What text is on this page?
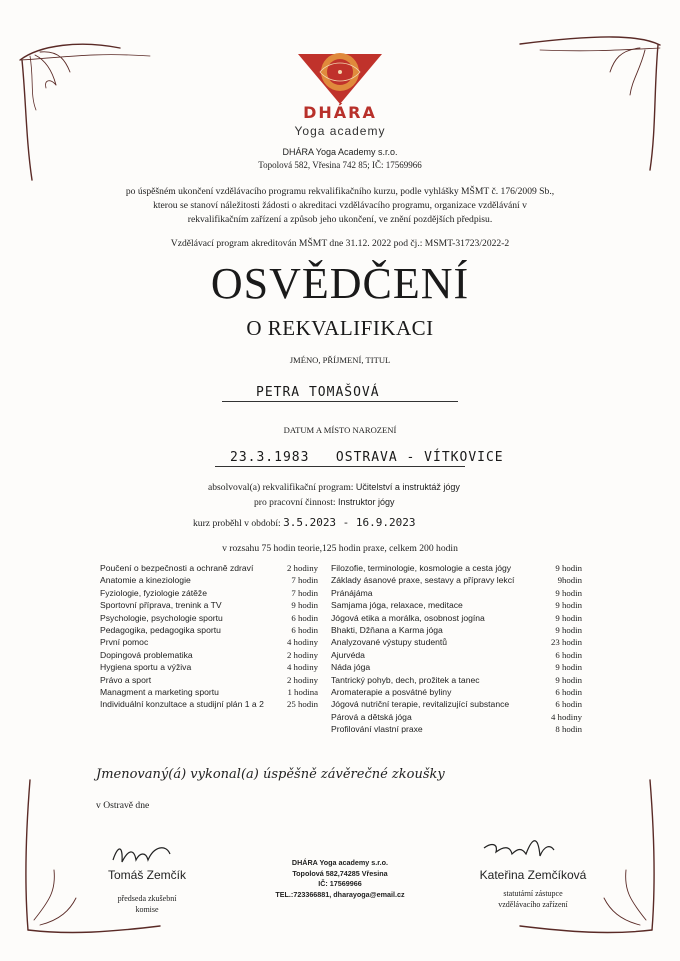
DHÁRA
Yoga academy
DHÁRA Yoga Academy s.r.o.
Topolová 582, Vřesina 742 85; IČ: 17569966
po úspěšném ukončení vzdělávacího programu rekvalifikačního kurzu, podle vyhlášky MŠMT č. 176/2009 Sb.,
kterou se stanoví náležitosti žádosti o akreditaci vzdělávacího programu, organizace vzdělávání v
rekvalifikačním zařízení a způsob jeho ukončení, ve znění pozdějších předpisu.
Vzdělávací program akreditován MŠMT dne 31.12. 2022 pod čj.: MSMT-31723/2022-2
OSVĚDČENÍ
O REKVALIFIKACI
JMÉNO, PŘÍJMENÍ, TITUL
PETRA TOMAŠOVÁ
DATUM A MÍSTO NAROZENÍ
23.3.1983   OSTRAVA - VÍTKOVICE
absolvoval(a) rekvalifikační program: Učitelství a instruktáž jógy
pro pracovní činnost: Instruktor jógy
kurz proběhl v období: 3.5.2023 - 16.9.2023
v rozsahu 75 hodin teorie,125 hodin praxe, celkem 200 hodin
Poučení o bezpečnosti a ochraně zdraví	2 hodiny
Anatomie a kineziologie	7 hodin
Fyziologie, fyziologie zátěže	7 hodin
Sportovní příprava, trenink a TV	9 hodin
Psychologie, psychologie sportu	6 hodin
Pedagogika, pedagogika sportu	6 hodin
První pomoc	4 hodiny
Dopingová problematika	2 hodiny
Hygiena sportu a výživa	4 hodiny
Právo a sport	2 hodiny
Managment a marketing sportu	1 hodina
Individuální konzultace a studijní plán 1 a 2	25 hodin
Filozofie, terminologie, kosmologie a cesta jógy	9 hodin
Základy ásanové praxe, sestavy a přípravy lekcí	9hodin
Pránájáma	9 hodin
Samjama jóga, relaxace, meditace	9 hodin
Jógová etika a morálka, osobnost jogína	9 hodin
Bhakti, Džňana a Karma jóga	9 hodin
Analyzované výstupy studentů	23 hodin
Ajurvéda	6 hodin
Náda jóga	9 hodin
Tantrický pohyb, dech, prožitek a tanec	9 hodin
Aromaterapie a posvátné byliny	6 hodin
Jógová nutriční terapie, revitalizující substance	6 hodin
Párová a dětská jóga	4 hodiny
Profilování vlastní praxe	8 hodin
Jmenovaný(á) vykonal(a) úspěšně závěrečné zkoušky
v Ostravě dne
Tomáš Zemčík
předseda zkušební
komise
Kateřina Zemčíková
statutární zástupce
vzdělávacího zařízení
DHÁRA Yoga academy s.r.o.
Topolová 582,74285 Vřesina
IČ: 17569966
TEL.:723366881, dharayoga@email.cz
